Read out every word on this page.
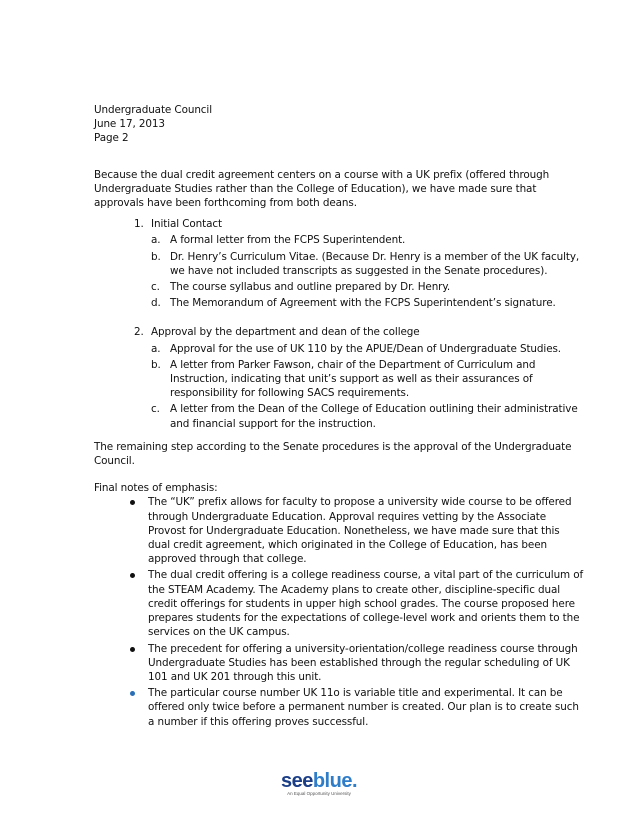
Undergraduate Council

June 17, 2013

Page 2

Because the dual credit agreement centers on a course with a UK prefix (offered through Undergraduate Studies rather than the College of Education), we have made sure that approvals have been forthcoming from both deans.

1. Initial Contact
a. A formal letter from the FCPS Superintendent.
b. Dr. Henry’s Curriculum Vitae. (Because Dr. Henry is a member of the UK faculty, we have not included transcripts as suggested in the Senate procedures).
c. The course syllabus and outline prepared by Dr. Henry.
d. The Memorandum of Agreement with the FCPS Superintendent’s signature.
2. Approval by the department and dean of the college
a. Approval for the use of UK 110 by the APUE/Dean of Undergraduate Studies.
b. A letter from Parker Fawson, chair of the Department of Curriculum and Instruction, indicating that unit’s support as well as their assurances of responsibility for following SACS requirements.
c. A letter from the Dean of the College of Education outlining their administrative and financial support for the instruction.

The remaining step according to the Senate procedures is the approval of the Undergraduate Council.

Final notes of emphasis:

The “UK” prefix allows for faculty to propose a university wide course to be offered through Undergraduate Education. Approval requires vetting by the Associate Provost for Undergraduate Education. Nonetheless, we have made sure that this dual credit agreement, which originated in the College of Education, has been approved through that college.
The dual credit offering is a college readiness course, a vital part of the curriculum of the STEAM Academy. The Academy plans to create other, discipline-specific dual credit offerings for students in upper high school grades. The course proposed here prepares students for the expectations of college-level work and orients them to the services on the UK campus.
The precedent for offering a university-orientation/college readiness course through Undergraduate Studies has been established through the regular scheduling of UK 101 and UK 201 through this unit.
The particular course number UK 11o is variable title and experimental. It can be offered only twice before a permanent number is created. Our plan is to create such a number if this offering proves successful.
seeblue.
An Equal Opportunity University
